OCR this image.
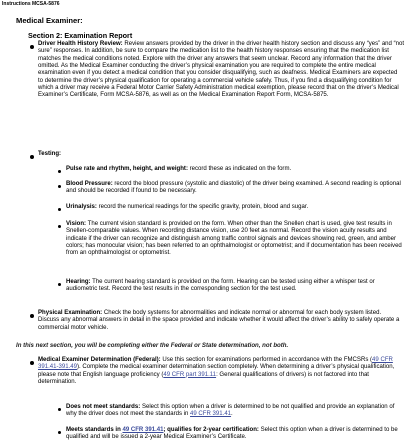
Instructions MCSA-5876
Medical Examiner:
Section 2: Examination Report

Driver Health History Review: Review answers provided by the driver in the driver health history section and discuss any “yes” and “not sure” responses. In addition, be sure to compare the medication list to the health history responses ensuring that the medication list matches the medical conditions noted. Explore with the driver any answers that seem unclear. Record any information that the driver omitted. As the Medical Examiner conducting the driver’s physical examination you are required to complete the entire medical examination even if you detect a medical condition that you consider disqualifying, such as deafness. Medical Examiners are expected to determine the driver’s physical qualification for operating a commercial vehicle safely. Thus, if you find a disqualifying condition for which a driver may receive a Federal Motor Carrier Safety Administration medical exemption, please record that on the driver’s Medical Examiner’s Certificate, Form MCSA-5876, as well as on the Medical Examination Report Form, MCSA-5875.

Testing:

Pulse rate and rhythm, height, and weight: record these as indicated on the form.

Blood Pressure: record the blood pressure (systolic and diastolic) of the driver being examined. A second reading is optional and should be recorded if found to be necessary.

Urinalysis: record the numerical readings for the specific gravity, protein, blood and sugar.

Vision: The current vision standard is provided on the form. When other than the Snellen chart is used, give test results in Snellen-comparable values. When recording distance vision, use 20 feet as normal. Record the vision acuity results and indicate if the driver can recognize and distinguish among traffic control signals and devices showing red, green, and amber colors; has monocular vision; has been referred to an ophthalmologist or optometrist; and if documentation has been received from an ophthalmologist or optometrist.

Hearing: The current hearing standard is provided on the form. Hearing can be tested using either a whisper test or audiometric test. Record the test results in the corresponding section for the test used.

Physical Examination: Check the body systems for abnormalities and indicate normal or abnormal for each body system listed. Discuss any abnormal answers in detail in the space provided and indicate whether it would affect the driver’s ability to safely operate a commercial motor vehicle.

In this next section, you will be completing either the Federal or State determination, not both.

Medical Examiner Determination (Federal): Use this section for examinations performed in accordance with the FMCSRs (49 CFR 391.41-391.49). Complete the medical examiner determination section completely. When determining a driver’s physical qualification, please note that English language proficiency (49 CFR part 391.11: General qualifications of drivers) is not factored into that determination.

Does not meet standards: Select this option when a driver is determined to be not qualified and provide an explanation of why the driver does not meet the standards in 49 CFR 391.41.

Meets standards in 49 CFR 391.41; qualifies for 2-year certification: Select this option when a driver is determined to be qualified and will be issued a 2-year Medical Examiner’s Certificate.
